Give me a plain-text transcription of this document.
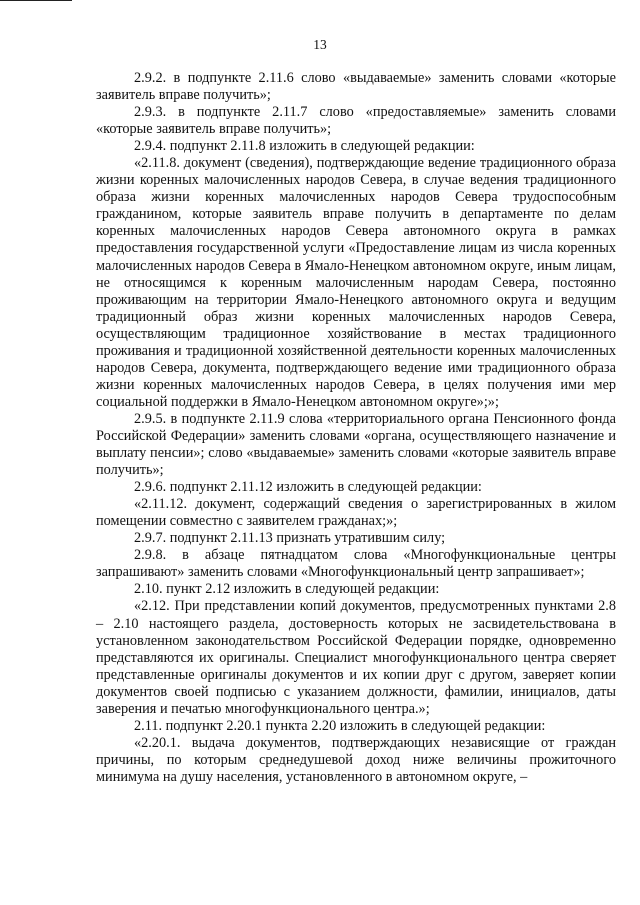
13

2.9.2. в подпункте 2.11.6 слово «выдаваемые» заменить словами «которые заявитель вправе получить»;

2.9.3. в подпункте 2.11.7 слово «предоставляемые» заменить словами «которые заявитель вправе получить»;

2.9.4. подпункт 2.11.8 изложить в следующей редакции:

«2.11.8. документ (сведения), подтверждающие ведение традиционного образа жизни коренных малочисленных народов Севера, в случае ведения традиционного образа жизни коренных малочисленных народов Севера трудоспособным гражданином, которые заявитель вправе получить в департаменте по делам коренных малочисленных народов Севера автономного округа в рамках предоставления государственной услуги «Предоставление лицам из числа коренных малочисленных народов Севера в Ямало-Ненецком автономном округе, иным лицам, не относящимся к коренным малочисленным народам Севера, постоянно проживающим на территории Ямало-Ненецкого автономного округа и ведущим традиционный образ жизни коренных малочисленных народов Севера, осуществляющим традиционное хозяйствование в местах традиционного проживания и традиционной хозяйственной деятельности коренных малочисленных народов Севера, документа, подтверждающего ведение ими традиционного образа жизни коренных малочисленных народов Севера, в целях получения ими мер социальной поддержки в Ямало-Ненецком автономном округе»;»;

2.9.5. в подпункте 2.11.9 слова «территориального органа Пенсионного фонда Российской Федерации» заменить словами «органа, осуществляющего назначение и выплату пенсии»; слово «выдаваемые» заменить словами «которые заявитель вправе получить»;

2.9.6. подпункт 2.11.12 изложить в следующей редакции:

«2.11.12. документ, содержащий сведения о зарегистрированных в жилом помещении совместно с заявителем гражданах;»;

2.9.7. подпункт 2.11.13 признать утратившим силу;

2.9.8. в абзаце пятнадцатом слова «Многофункциональные центры запрашивают» заменить словами «Многофункциональный центр запрашивает»;

2.10. пункт 2.12 изложить в следующей редакции:

«2.12. При представлении копий документов, предусмотренных пунктами 2.8 – 2.10 настоящего раздела, достоверность которых не засвидетельствована в установленном законодательством Российской Федерации порядке, одновременно представляются их оригиналы. Специалист многофункционального центра сверяет представленные оригиналы документов и их копии друг с другом, заверяет копии документов своей подписью с указанием должности, фамилии, инициалов, даты заверения и печатью многофункционального центра.»;

2.11. подпункт 2.20.1 пункта 2.20 изложить в следующей редакции:

«2.20.1. выдача документов, подтверждающих независящие от граждан причины, по которым среднедушевой доход ниже величины прожиточного минимума на душу населения, установленного в автономном округе, –
